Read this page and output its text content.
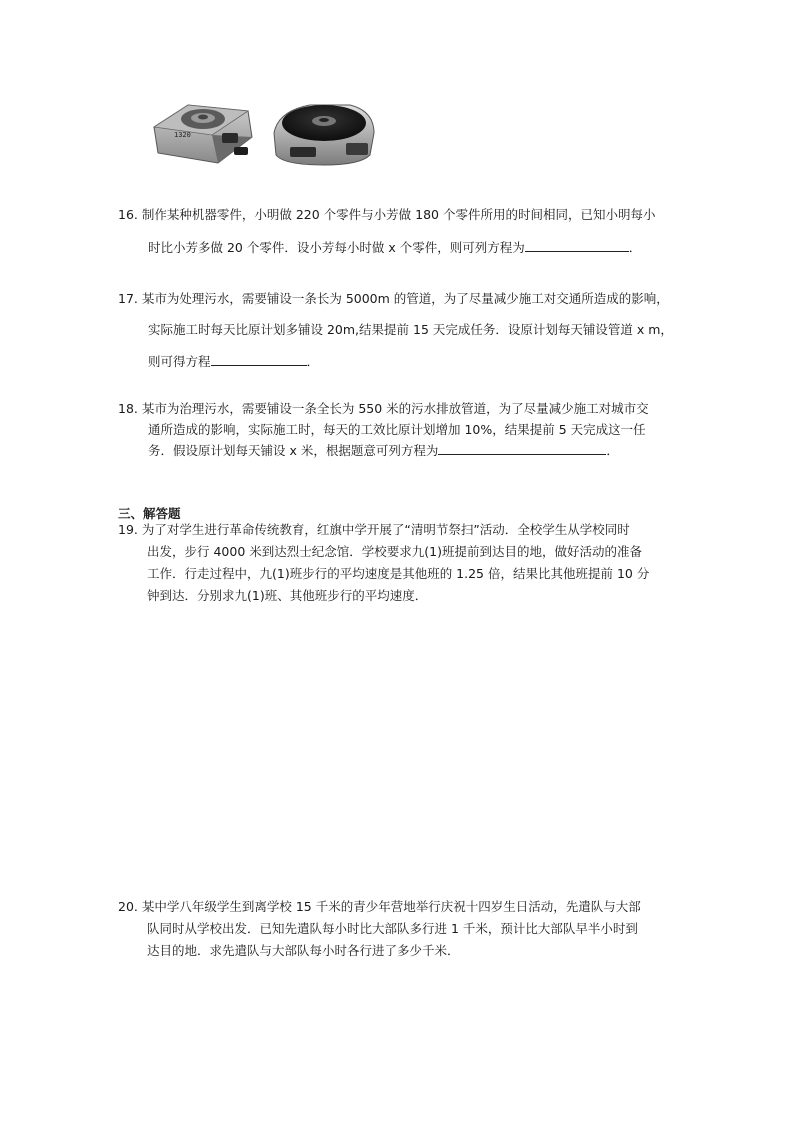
1320
16. 制作某种机器零件，小明做 220 个零件与小芳做 180 个零件所用的时间相同，已知小明每小
时比小芳多做 20 个零件．设小芳每小时做 x 个零件，则可列方程为	．
17. 某市为处理污水，需要铺设一条长为 5000m 的管道，为了尽量减少施工对交通所造成的影响，
实际施工时每天比原计划多铺设 20m,结果提前 15 天完成任务．设原计划每天铺设管道 x m，
则可得方程	．
18. 某市为治理污水，需要铺设一条全长为 550 米的污水排放管道，为了尽量减少施工对城市交
通所造成的影响，实际施工时，每天的工效比原计划增加 10%，结果提前 5 天完成这一任
务．假设原计划每天铺设 x 米，根据题意可列方程为	．
三、解答题
19. 为了对学生进行革命传统教育，红旗中学开展了“清明节祭扫”活动．全校学生从学校同时
出发，步行 4000 米到达烈士纪念馆．学校要求九(1)班提前到达目的地，做好活动的准备
工作．行走过程中，九(1)班步行的平均速度是其他班的 1.25 倍，结果比其他班提前 10 分
钟到达．分别求九(1)班、其他班步行的平均速度．
20. 某中学八年级学生到离学校 15 千米的青少年营地举行庆祝十四岁生日活动，先遣队与大部
队同时从学校出发．已知先遣队每小时比大部队多行进 1 千米，预计比大部队早半小时到
达目的地．求先遣队与大部队每小时各行进了多少千米．
